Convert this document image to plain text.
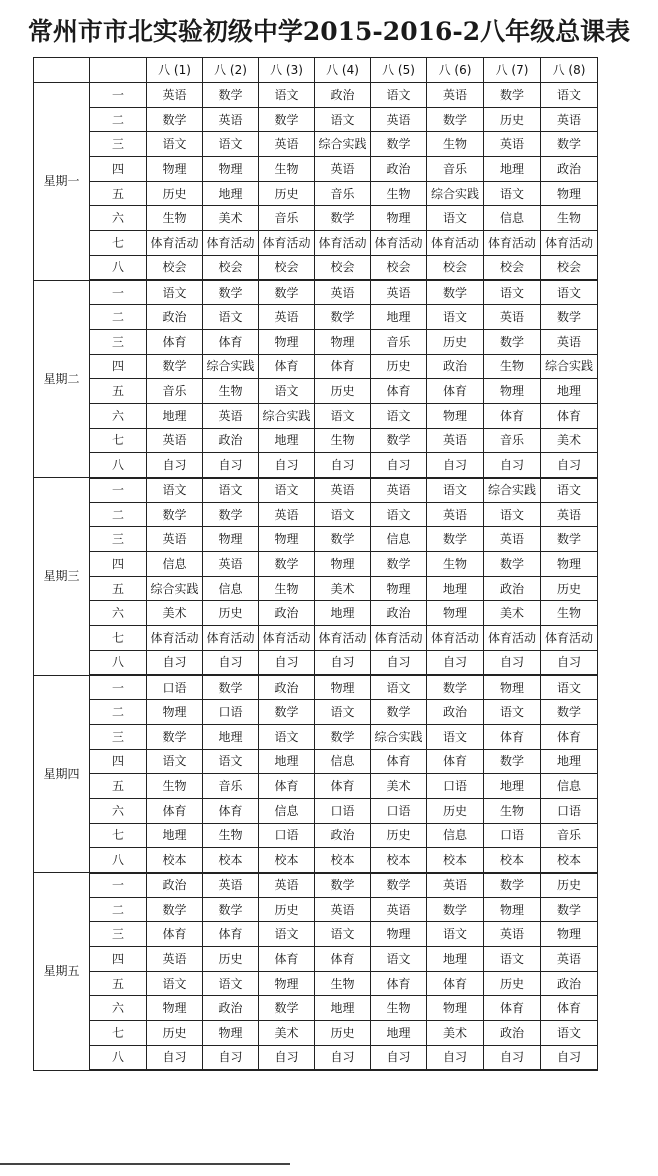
常州市市北实验初级中学2015-2016-2八年级总课表
		八 (1)	八 (2)	八 (3)	八 (4)	八 (5)	八 (6)	八 (7)	八 (8)
星期一	一	英语	数学	语文	政治	语文	英语	数学	语文
	二	数学	英语	数学	语文	英语	数学	历史	英语
	三	语文	语文	英语	综合实践	数学	生物	英语	数学
	四	物理	物理	生物	英语	政治	音乐	地理	政治
	五	历史	地理	历史	音乐	生物	综合实践	语文	物理
	六	生物	美术	音乐	数学	物理	语文	信息	生物
	七	体育活动	体育活动	体育活动	体育活动	体育活动	体育活动	体育活动	体育活动
	八	校会	校会	校会	校会	校会	校会	校会	校会
星期二	一	语文	数学	数学	英语	英语	数学	语文	语文
	二	政治	语文	英语	数学	地理	语文	英语	数学
	三	体育	体育	物理	物理	音乐	历史	数学	英语
	四	数学	综合实践	体育	体育	历史	政治	生物	综合实践
	五	音乐	生物	语文	历史	体育	体育	物理	地理
	六	地理	英语	综合实践	语文	语文	物理	体育	体育
	七	英语	政治	地理	生物	数学	英语	音乐	美术
	八	自习	自习	自习	自习	自习	自习	自习	自习
星期三	一	语文	语文	语文	英语	英语	语文	综合实践	语文
	二	数学	数学	英语	语文	语文	英语	语文	英语
	三	英语	物理	物理	数学	信息	数学	英语	数学
	四	信息	英语	数学	物理	数学	生物	数学	物理
	五	综合实践	信息	生物	美术	物理	地理	政治	历史
	六	美术	历史	政治	地理	政治	物理	美术	生物
	七	体育活动	体育活动	体育活动	体育活动	体育活动	体育活动	体育活动	体育活动
	八	自习	自习	自习	自习	自习	自习	自习	自习
星期四	一	口语	数学	政治	物理	语文	数学	物理	语文
	二	物理	口语	数学	语文	数学	政治	语文	数学
	三	数学	地理	语文	数学	综合实践	语文	体育	体育
	四	语文	语文	地理	信息	体育	体育	数学	地理
	五	生物	音乐	体育	体育	美术	口语	地理	信息
	六	体育	体育	信息	口语	口语	历史	生物	口语
	七	地理	生物	口语	政治	历史	信息	口语	音乐
	八	校本	校本	校本	校本	校本	校本	校本	校本
星期五	一	政治	英语	英语	数学	数学	英语	数学	历史
	二	数学	数学	历史	英语	英语	数学	物理	数学
	三	体育	体育	语文	语文	物理	语文	英语	物理
	四	英语	历史	体育	体育	语文	地理	语文	英语
	五	语文	语文	物理	生物	体育	体育	历史	政治
	六	物理	政治	数学	地理	生物	物理	体育	体育
	七	历史	物理	美术	历史	地理	美术	政治	语文
	八	自习	自习	自习	自习	自习	自习	自习	自习
